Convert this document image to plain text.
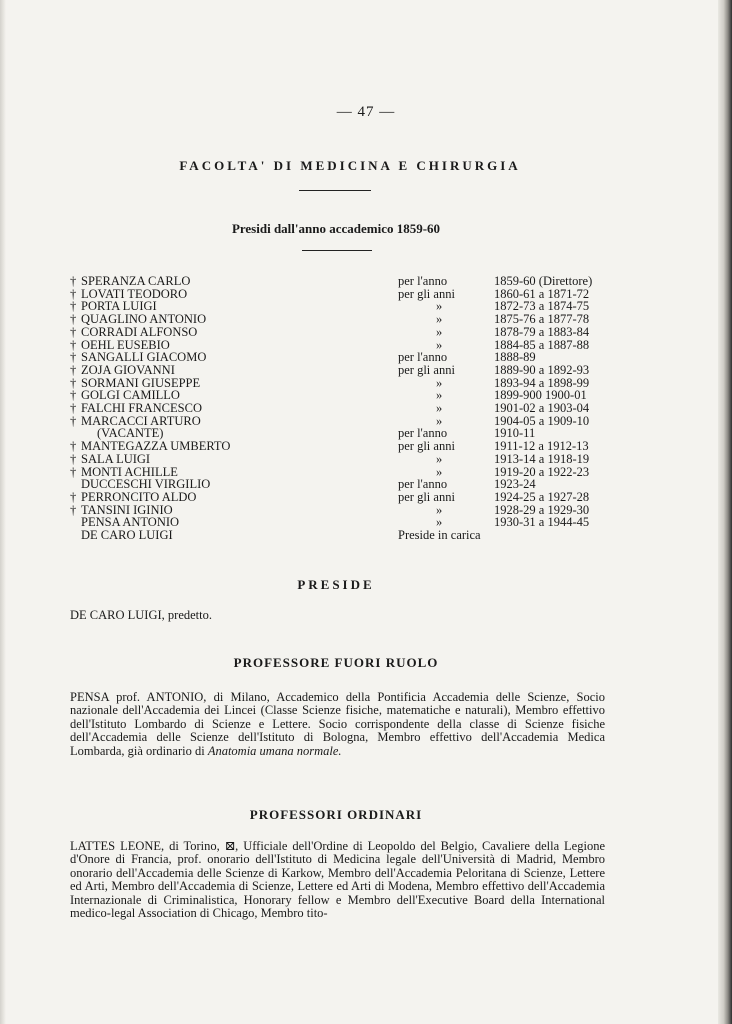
— 47 —
FACOLTA' DI MEDICINA E CHIRURGIA
Presidi dall'anno accademico 1859-60
† SPERANZA CARLO	per l'anno	1859-60 (Direttore)
† LOVATI TEODORO	per gli anni	1860-61 a 1871-72
† PORTA LUIGI	»	1872-73 a 1874-75
† QUAGLINO ANTONIO	»	1875-76 a 1877-78
† CORRADI ALFONSO	»	1878-79 a 1883-84
† OEHL EUSEBIO	»	1884-85 a 1887-88
† SANGALLI GIACOMO	per l'anno	1888-89
† ZOJA GIOVANNI	per gli anni	1889-90 a 1892-93
† SORMANI GIUSEPPE	»	1893-94 a 1898-99
† GOLGI CAMILLO	»	1899-900 1900-01
† FALCHI FRANCESCO	»	1901-02 a 1903-04
† MARCACCI ARTURO	»	1904-05 a 1909-10
(VACANTE)	per l'anno	1910-11
† MANTEGAZZA UMBERTO	per gli anni	1911-12 a 1912-13
† SALA LUIGI	»	1913-14 a 1918-19
† MONTI ACHILLE	»	1919-20 a 1922-23
DUCCESCHI VIRGILIO	per l'anno	1923-24
† PERRONCITO ALDO	per gli anni	1924-25 a 1927-28
† TANSINI IGINIO	»	1928-29 a 1929-30
PENSA ANTONIO	»	1930-31 a 1944-45
DE CARO LUIGI	Preside in carica
PRESIDE
DE CARO LUIGI, predetto.
PROFESSORE FUORI RUOLO
PENSA prof. ANTONIO, di Milano, Accademico della Pontificia Accademia delle Scienze, Socio nazionale dell'Accademia dei Lincei (Classe Scienze fisiche, matematiche e naturali), Membro effettivo dell'Istituto Lombardo di Scienze e Lettere. Socio corrispondente della classe di Scienze fisiche dell'Accademia delle Scienze dell'Istituto di Bologna, Membro effettivo dell'Accademia Medica Lombarda, già ordinario di Anatomia umana normale.
PROFESSORI ORDINARI
LATTES LEONE, di Torino, ⊠, Ufficiale dell'Ordine di Leopoldo del Belgio, Cavaliere della Legione d'Onore di Francia, prof. onorario dell'Istituto di Medicina legale dell'Università di Madrid, Membro onorario dell'Accademia delle Scienze di Karkow, Membro dell'Accademia Peloritana di Scienze, Lettere ed Arti, Membro dell'Accademia di Scienze, Lettere ed Arti di Modena, Membro effettivo dell'Accademia Internazionale di Criminalistica, Honorary fellow e Membro dell'Executive Board della International medico-legal Association di Chicago, Membro tito-
